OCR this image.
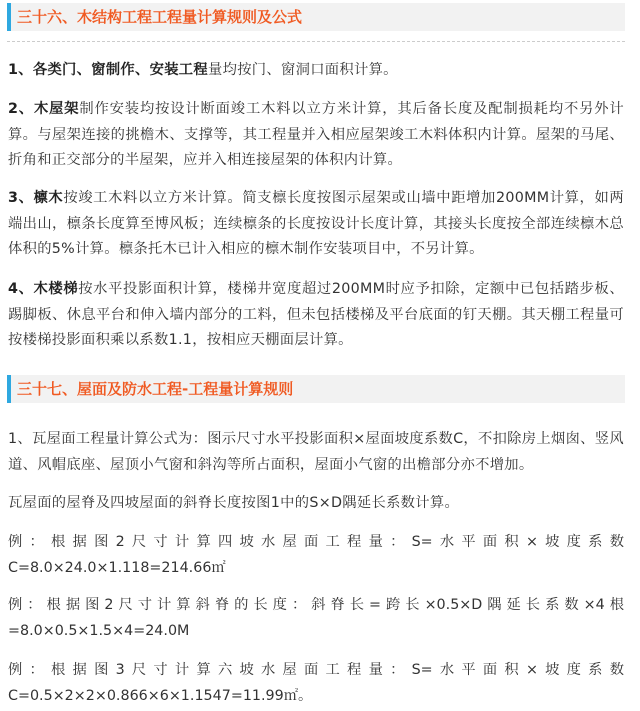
三十六、木结构工程工程量计算规则及公式
1、各类门、窗制作、安装工程量均按门、窗洞口面积计算。
2、木屋架制作安装均按设计断面竣工木料以立方米计算，其后备长度及配制损耗均不另外计算。与屋架连接的挑檐木、支撑等，其工程量并入相应屋架竣工木料体积内计算。屋架的马尾、折角和正交部分的半屋架，应并入相连接屋架的体积内计算。
3、檩木按竣工木料以立方米计算。简支檩长度按图示屋架或山墙中距增加200MM计算，如两端出山，檩条长度算至博风板；连续檩条的长度按设计长度计算，其接头长度按全部连续檩木总体积的5%计算。檩条托木已计入相应的檩木制作安装项目中，不另计算。
4、木楼梯按水平投影面积计算，楼梯井宽度超过200MM时应予扣除，定额中已包括踏步板、踢脚板、休息平台和伸入墙内部分的工料，但未包括楼梯及平台底面的钉天棚。其天棚工程量可按楼梯投影面积乘以系数1.1，按相应天棚面层计算。
三十七、屋面及防水工程-工程量计算规则
1、瓦屋面工程量计算公式为：图示尺寸水平投影面积×屋面坡度系数C，不扣除房上烟囱、竖风道、风帽底座、屋顶小气窗和斜沟等所占面积，屋面小气窗的出檐部分亦不增加。
瓦屋面的屋脊及四坡屋面的斜脊长度按图1中的S×D隅延长系数计算。
例：根据图2尺寸计算四坡水屋面工程量：S=水平面积×坡度系数
C=8.0×24.0×1.118=214.66㎡
例：根据图2尺寸计算斜脊的长度：斜脊长=跨长×0.5×D隅延长系数×4根
=8.0×0.5×1.5×4=24.0M
例：根据图3尺寸计算六坡水屋面工程量：S=水平面积×坡度系数
C=0.5×2×2×0.866×6×1.1547=11.99㎡。
